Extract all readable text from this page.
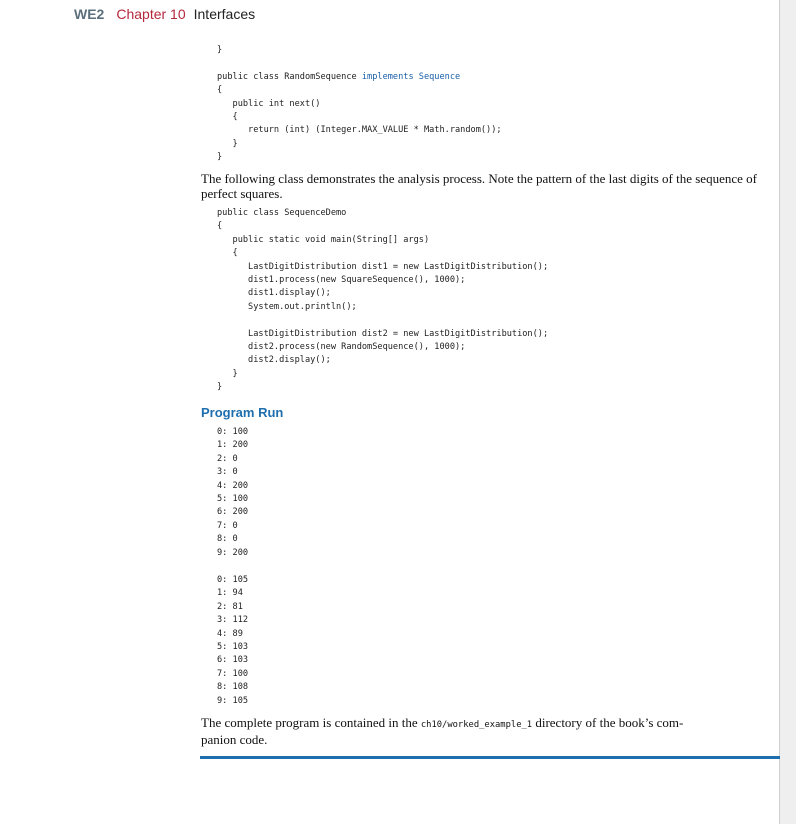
WE2 Chapter 10 Interfaces
}

public class RandomSequence implements Sequence
{
public int next()
{
return (int) (Integer.MAX_VALUE * Math.random());
}
}
The following class demonstrates the analysis process. Note the pattern of the last digits of the sequence of perfect squares.
public class SequenceDemo
{
public static void main(String[] args)
{
LastDigitDistribution dist1 = new LastDigitDistribution();
dist1.process(new SquareSequence(), 1000);
dist1.display();
System.out.println();

LastDigitDistribution dist2 = new LastDigitDistribution();
dist2.process(new RandomSequence(), 1000);
dist2.display();
}
}
Program Run
0: 100
1: 200
2: 0
3: 0
4: 200
5: 100
6: 200
7: 0
8: 0
9: 200
0: 105
1: 94
2: 81
3: 112
4: 89
5: 103
6: 103
7: 100
8: 108
9: 105
The complete program is contained in the ch10/worked_example_1 directory of the book’s com-panion code.
